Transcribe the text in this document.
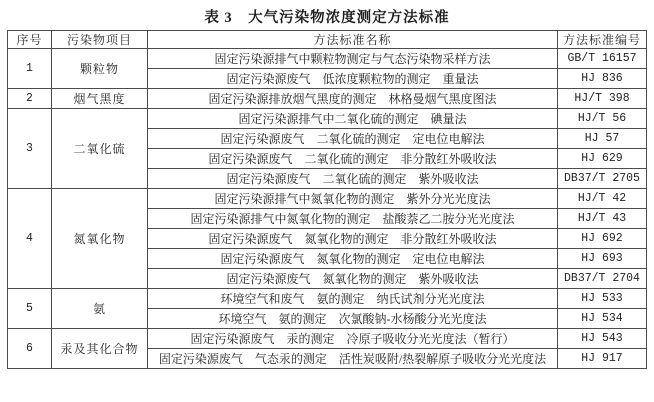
表 3　大气污染物浓度测定方法标准
序号	污染物项目	方法标准名称	方法标准编号
1	颗粒物	固定污染源排气中颗粒物测定与气态污染物采样方法	GB/T 16157
		固定污染源废气　低浓度颗粒物的测定　重量法	HJ 836
2	烟气黑度	固定污染源排放烟气黑度的测定　林格曼烟气黑度图法	HJ/T 398
3	二氧化硫	固定污染源排气中二氧化硫的测定　碘量法	HJ/T 56
		固定污染源废气　二氧化硫的测定　定电位电解法	HJ 57
		固定污染源废气　二氧化硫的测定　非分散红外吸收法	HJ 629
		固定污染源废气　二氧化硫的测定　紫外吸收法	DB37/T 2705
4	氮氧化物	固定污染源排气中氮氧化物的测定　紫外分光光度法	HJ/T 42
		固定污染源排气中氮氧化物的测定　盐酸萘乙二胺分光光度法	HJ/T 43
		固定污染源废气　氮氧化物的测定　非分散红外吸收法	HJ 692
		固定污染源废气　氮氧化物的测定　定电位电解法	HJ 693
		固定污染源废气　氮氧化物的测定　紫外吸收法	DB37/T 2704
5	氨	环境空气和废气　氨的测定　纳氏试剂分光光度法	HJ 533
		环境空气　氨的测定　次氯酸钠-水杨酸分光光度法	HJ 534
6	汞及其化合物	固定污染源废气　汞的测定　冷原子吸收分光光度法（暂行）	HJ 543
		固定污染源废气　气态汞的测定　活性炭吸附/热裂解原子吸收分光光度法	HJ 917
